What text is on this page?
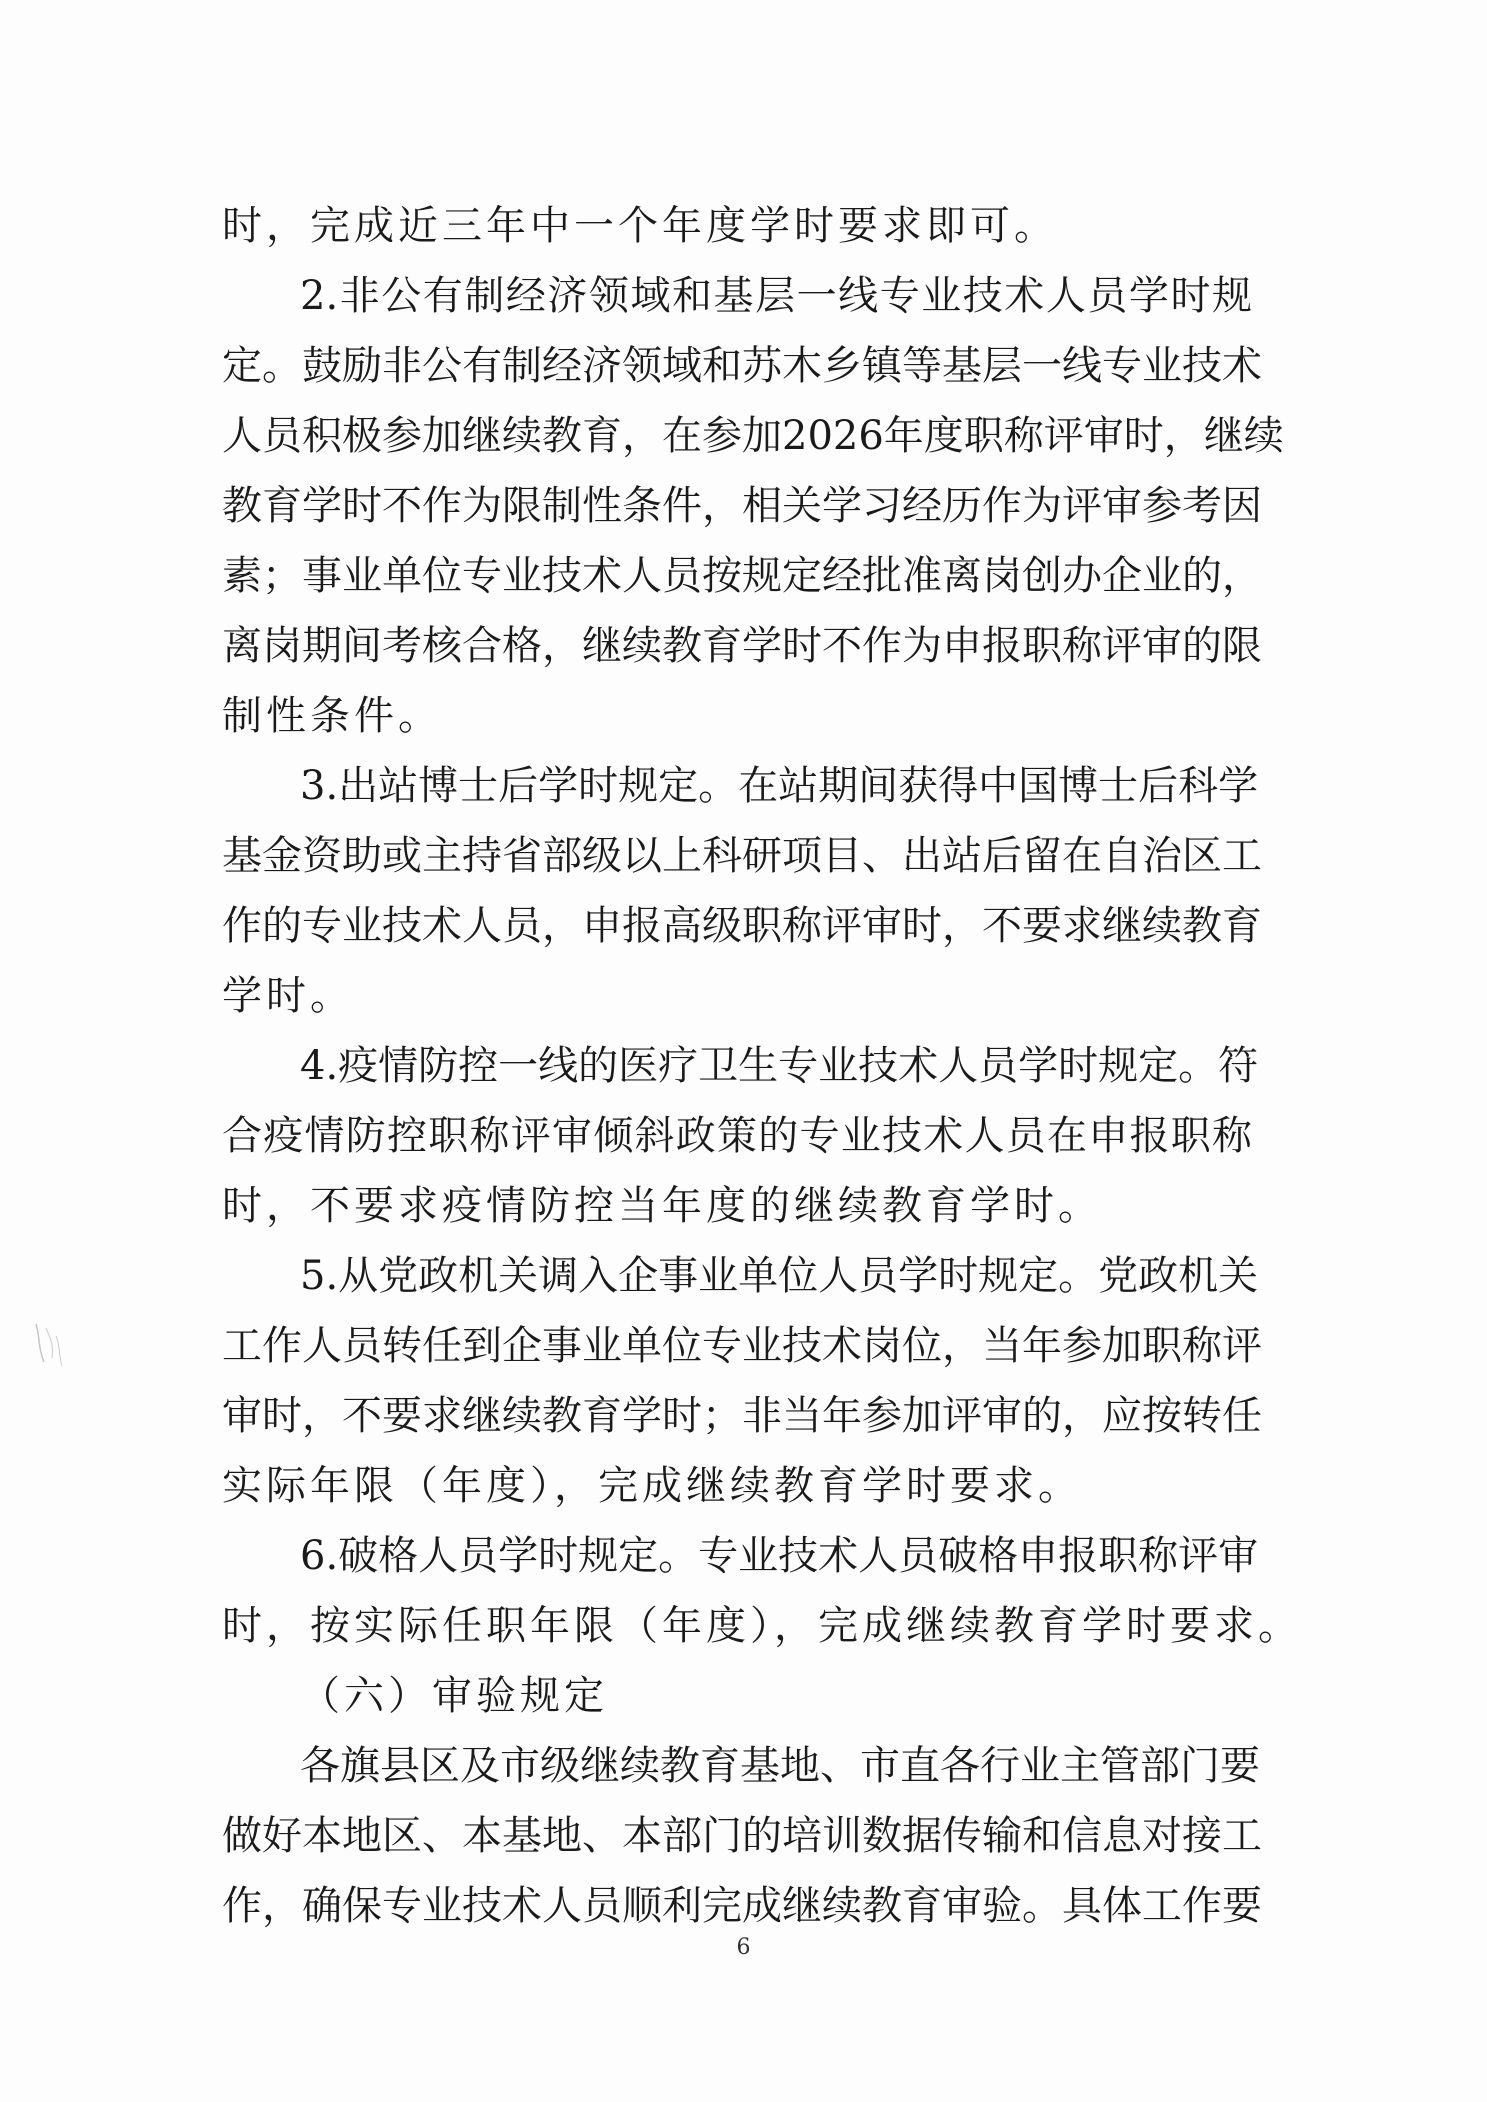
时，完成近三年中一个年度学时要求即可。
2.非公有制经济领域和基层一线专业技术人员学时规
定。鼓励非公有制经济领域和苏木乡镇等基层一线专业技术
人员积极参加继续教育，在参加2026年度职称评审时，继续
教育学时不作为限制性条件，相关学习经历作为评审参考因
素；事业单位专业技术人员按规定经批准离岗创办企业的，
离岗期间考核合格，继续教育学时不作为申报职称评审的限
制性条件。
3.出站博士后学时规定。在站期间获得中国博士后科学
基金资助或主持省部级以上科研项目、出站后留在自治区工
作的专业技术人员，申报高级职称评审时，不要求继续教育
学时。
4.疫情防控一线的医疗卫生专业技术人员学时规定。符
合疫情防控职称评审倾斜政策的专业技术人员在申报职称
时，不要求疫情防控当年度的继续教育学时。
5.从党政机关调入企事业单位人员学时规定。党政机关
工作人员转任到企事业单位专业技术岗位，当年参加职称评
审时，不要求继续教育学时；非当年参加评审的，应按转任
实际年限（年度），完成继续教育学时要求。
6.破格人员学时规定。专业技术人员破格申报职称评审
时，按实际任职年限（年度），完成继续教育学时要求。
（六）审验规定
各旗县区及市级继续教育基地、市直各行业主管部门要
做好本地区、本基地、本部门的培训数据传输和信息对接工
作，确保专业技术人员顺利完成继续教育审验。具体工作要
6
